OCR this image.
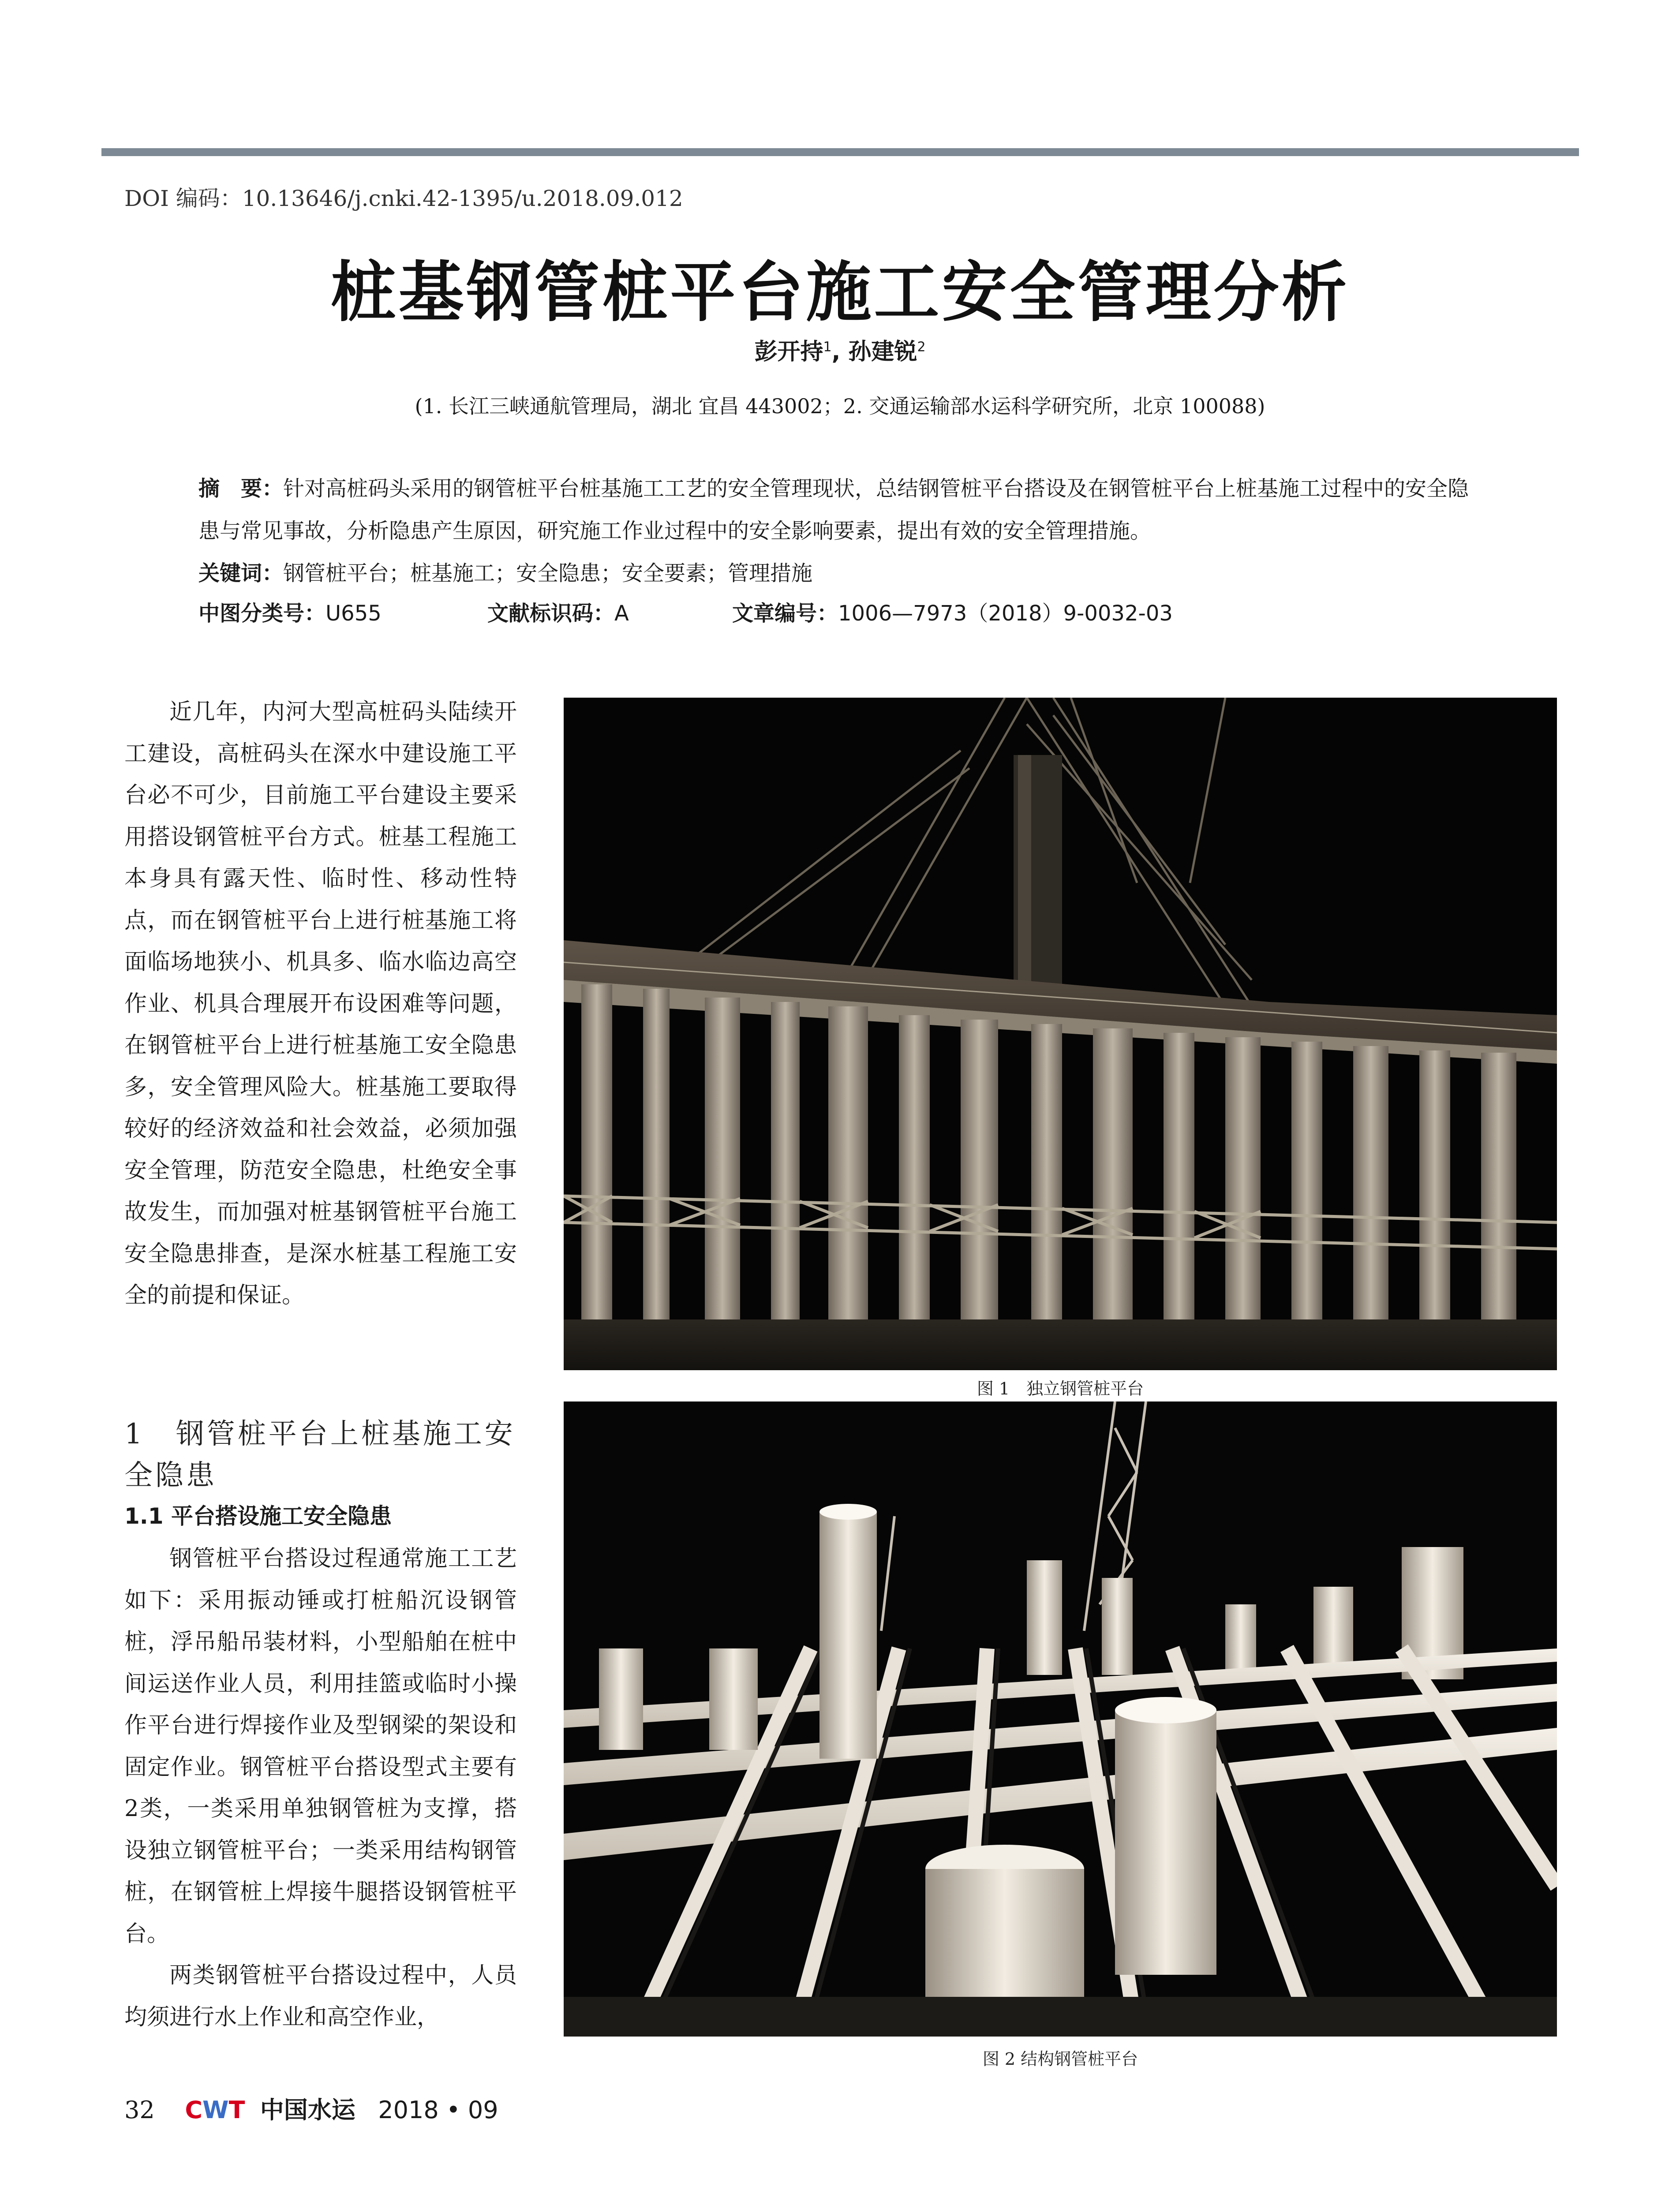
DOI 编码：10.13646/j.cnki.42-1395/u.2018.09.012
桩基钢管桩平台施工安全管理分析
彭开持$^1$, 孙建锐$^2$
(1. 长江三峡通航管理局，湖北 宜昌 443002；2. 交通运输部水运科学研究所，北京 100088)
摘　要：针对高桩码头采用的钢管桩平台桩基施工工艺的安全管理现状，总结钢管桩平台搭设及在钢管桩平台上桩基施工过程中的安全隐患与常见事故，分析隐患产生原因，研究施工作业过程中的安全影响要素，提出有效的安全管理措施。
关键词：钢管桩平台；桩基施工；安全隐患；安全要素；管理措施
中图分类号：U655	文献标识码：A	文章编号：1006—7973（2018）9-0032-03

近几年，内河大型高桩码头陆续开工建设，高桩码头在深水中建设施工平台必不可少，目前施工平台建设主要采用搭设钢管桩平台方式。桩基工程施工本身具有露天性、临时性、移动性特点，而在钢管桩平台上进行桩基施工将面临场地狭小、机具多、临水临边高空作业、机具合理展开布设困难等问题，在钢管桩平台上进行桩基施工安全隐患多，安全管理风险大。桩基施工要取得较好的经济效益和社会效益，必须加强安全管理，防范安全隐患，杜绝安全事故发生，而加强对桩基钢管桩平台施工安全隐患排查，是深水桩基工程施工安全的前提和保证。

1　钢管桩平台上桩基施工安全隐患
1.1 平台搭设施工安全隐患

钢管桩平台搭设过程通常施工工艺如下：采用振动锤或打桩船沉设钢管桩，浮吊船吊装材料，小型船舶在桩中间运送作业人员，利用挂篮或临时小操作平台进行焊接作业及型钢梁的架设和固定作业。钢管桩平台搭设型式主要有2类，一类采用单独钢管桩为支撑，搭设独立钢管桩平台；一类采用结构钢管桩，在钢管桩上焊接牛腿搭设钢管桩平台。

两类钢管桩平台搭设过程中，人员均须进行水上作业和高空作业，

图 1　独立钢管桩平台
图 2 结构钢管桩平台
32 CWT 中国水运 2018 • 09
